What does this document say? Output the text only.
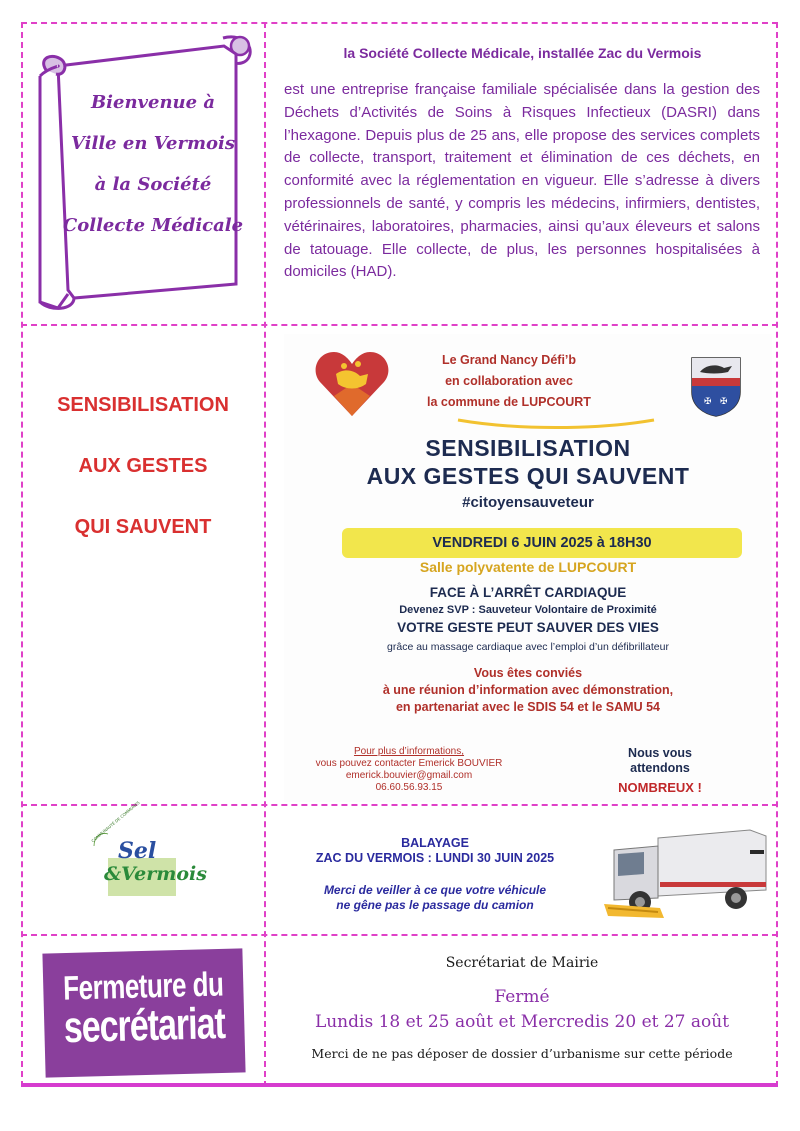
Bienvenue à
Ville en Vermois
à la Société
Collecte Médicale
la Société Collecte Médicale, installée Zac du Vermois
est une entreprise française familiale spécialisée dans la gestion des Déchets d’Activités de Soins à Risques Infectieux (DASRI) dans l’hexagone. Depuis plus de 25 ans, elle propose des services complets de collecte, transport, traitement et élimination de ces déchets, en conformité avec la réglementation en vigueur. Elle s’adresse à divers professionnels de santé, y compris les médecins, infirmiers, dentistes, vétérinaires, laboratoires, pharmacies, ainsi qu’aux éleveurs et salons de tatouage. Elle collecte, de plus, les personnes hospitalisées à domiciles (HAD).
SENSIBILISATION
AUX GESTES
QUI SAUVENT
Le Grand Nancy Défi’b
en collaboration avec
la commune de LUPCOURT	✠ ✠
SENSIBILISATION
AUX GESTES QUI SAUVENT
#citoyensauveteur
VENDREDI 6 JUIN 2025 à 18H30
Salle polyvatente de LUPCOURT
FACE À L’ARRÊT CARDIAQUE
Devenez SVP : Sauveteur Volontaire de Proximité
VOTRE GESTE PEUT SAUVER DES VIES
grâce au massage cardiaque avec l’emploi d’un défibrillateur
Vous êtes conviés
à une réunion d’information avec démonstration,
en partenariat avec le SDIS 54 et le SAMU 54
Pour plus d’informations,
vous pouvez contacter Emerick BOUVIER
emerick.bouvier@gmail.com
06.60.56.93.15
Nous vous
attendons
NOMBREUX !
COMMUNAUTÉ DE COMMUNES
Sel
&Vermois
BALAYAGE
ZAC DU VERMOIS : LUNDI 30 JUIN 2025
Merci de veiller à ce que votre véhicule
ne gêne pas le passage du camion
Fermeture du
secrétariat
Secrétariat de Mairie
Fermé
Lundis 18 et 25 août et Mercredis 20 et 27 août
Merci de ne pas déposer de dossier d’urbanisme sur cette période
